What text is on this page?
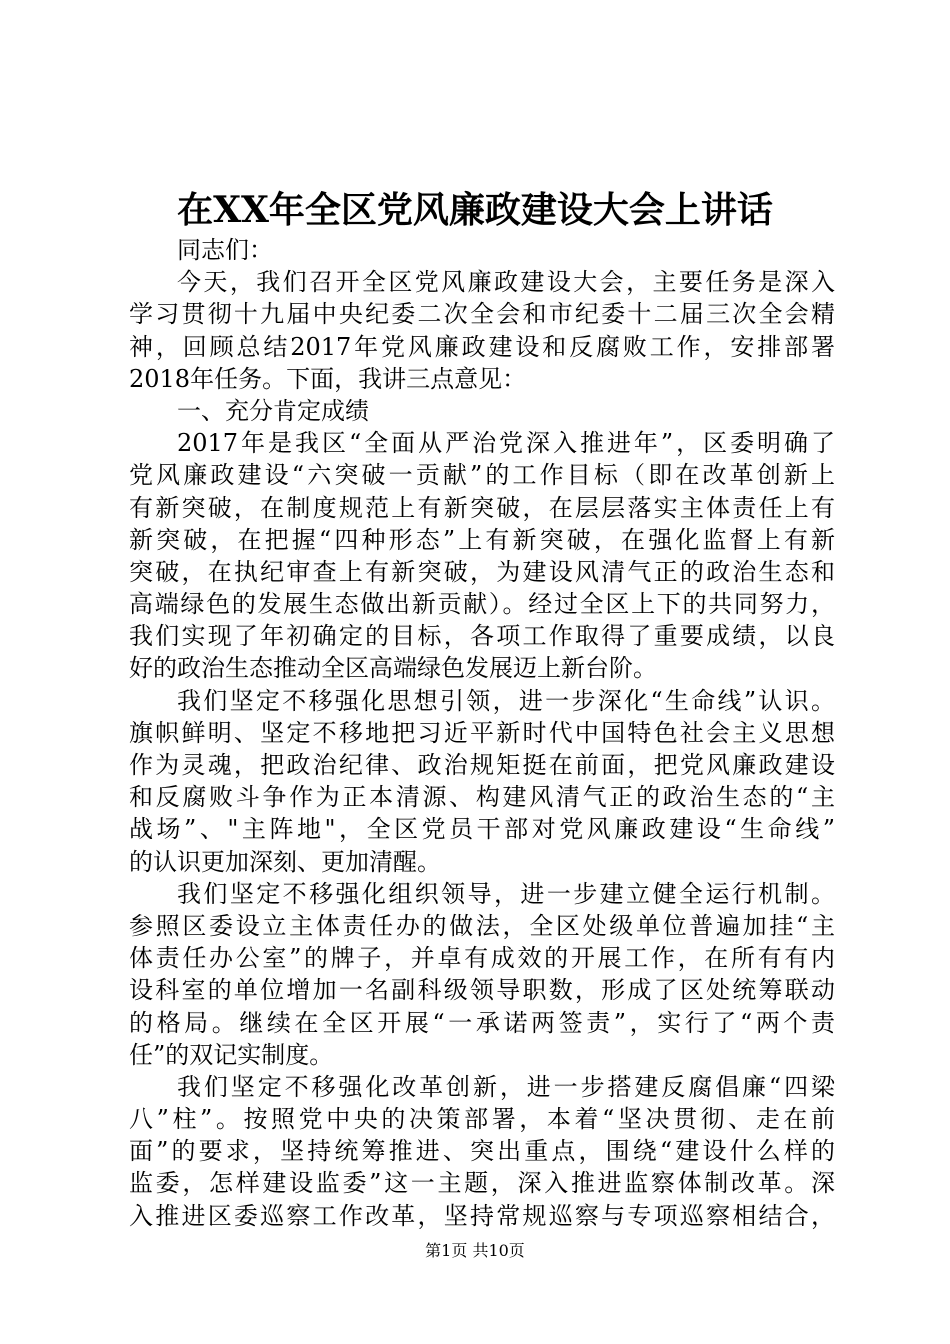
在XX年全区党风廉政建设大会上讲话
同志们：
今天，我们召开全区党风廉政建设大会，主要任务是深入
学习贯彻十九届中央纪委二次全会和市纪委十二届三次全会精
神，回顾总结2017年党风廉政建设和反腐败工作，安排部署
2018年任务。下面，我讲三点意见：
一、充分肯定成绩
2017年是我区“全面从严治党深入推进年”，区委明确了
党风廉政建设“六突破一贡献”的工作目标（即在改革创新上
有新突破，在制度规范上有新突破，在层层落实主体责任上有
新突破，在把握“四种形态”上有新突破，在强化监督上有新
突破，在执纪审查上有新突破，为建设风清气正的政治生态和
高端绿色的发展生态做出新贡献）。经过全区上下的共同努力，
我们实现了年初确定的目标，各项工作取得了重要成绩，以良
好的政治生态推动全区高端绿色发展迈上新台阶。
我们坚定不移强化思想引领，进一步深化“生命线”认识。
旗帜鲜明、坚定不移地把习近平新时代中国特色社会主义思想
作为灵魂，把政治纪律、政治规矩挺在前面，把党风廉政建设
和反腐败斗争作为正本清源、构建风清气正的政治生态的“主
战场”、"主阵地"，全区党员干部对党风廉政建设“生命线”
的认识更加深刻、更加清醒。
我们坚定不移强化组织领导，进一步建立健全运行机制。
参照区委设立主体责任办的做法，全区处级单位普遍加挂“主
体责任办公室”的牌子，并卓有成效的开展工作，在所有有内
设科室的单位增加一名副科级领导职数，形成了区处统筹联动
的格局。继续在全区开展“一承诺两签责”，实行了“两个责
任”的双记实制度。
我们坚定不移强化改革创新，进一步搭建反腐倡廉“四梁
八”柱”。按照党中央的决策部署，本着“坚决贯彻、走在前
面”的要求，坚持统筹推进、突出重点，围绕“建设什么样的
监委，怎样建设监委”这一主题，深入推进监察体制改革。深
入推进区委巡察工作改革，坚持常规巡察与专项巡察相结合，
第1页 共10页
